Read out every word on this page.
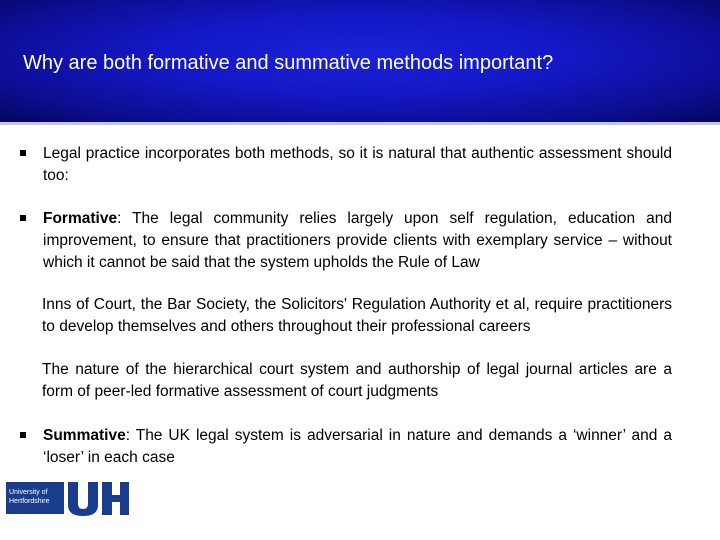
Why are both formative and summative methods important?
Legal practice incorporates both methods, so it is natural that authentic assessment should too:
Formative: The legal community relies largely upon self regulation, education and improvement, to ensure that practitioners provide clients with exemplary service – without which it cannot be said that the system upholds the Rule of Law
Inns of Court, the Bar Society, the Solicitors' Regulation Authority et al, require practitioners to develop themselves and others throughout their professional careers
The nature of the hierarchical court system and authorship of legal journal articles are a form of peer-led formative assessment of court judgments
Summative: The UK legal system is adversarial in nature and demands a ‘winner’ and a ‘loser’ in each case
University of
Hertfordshire
